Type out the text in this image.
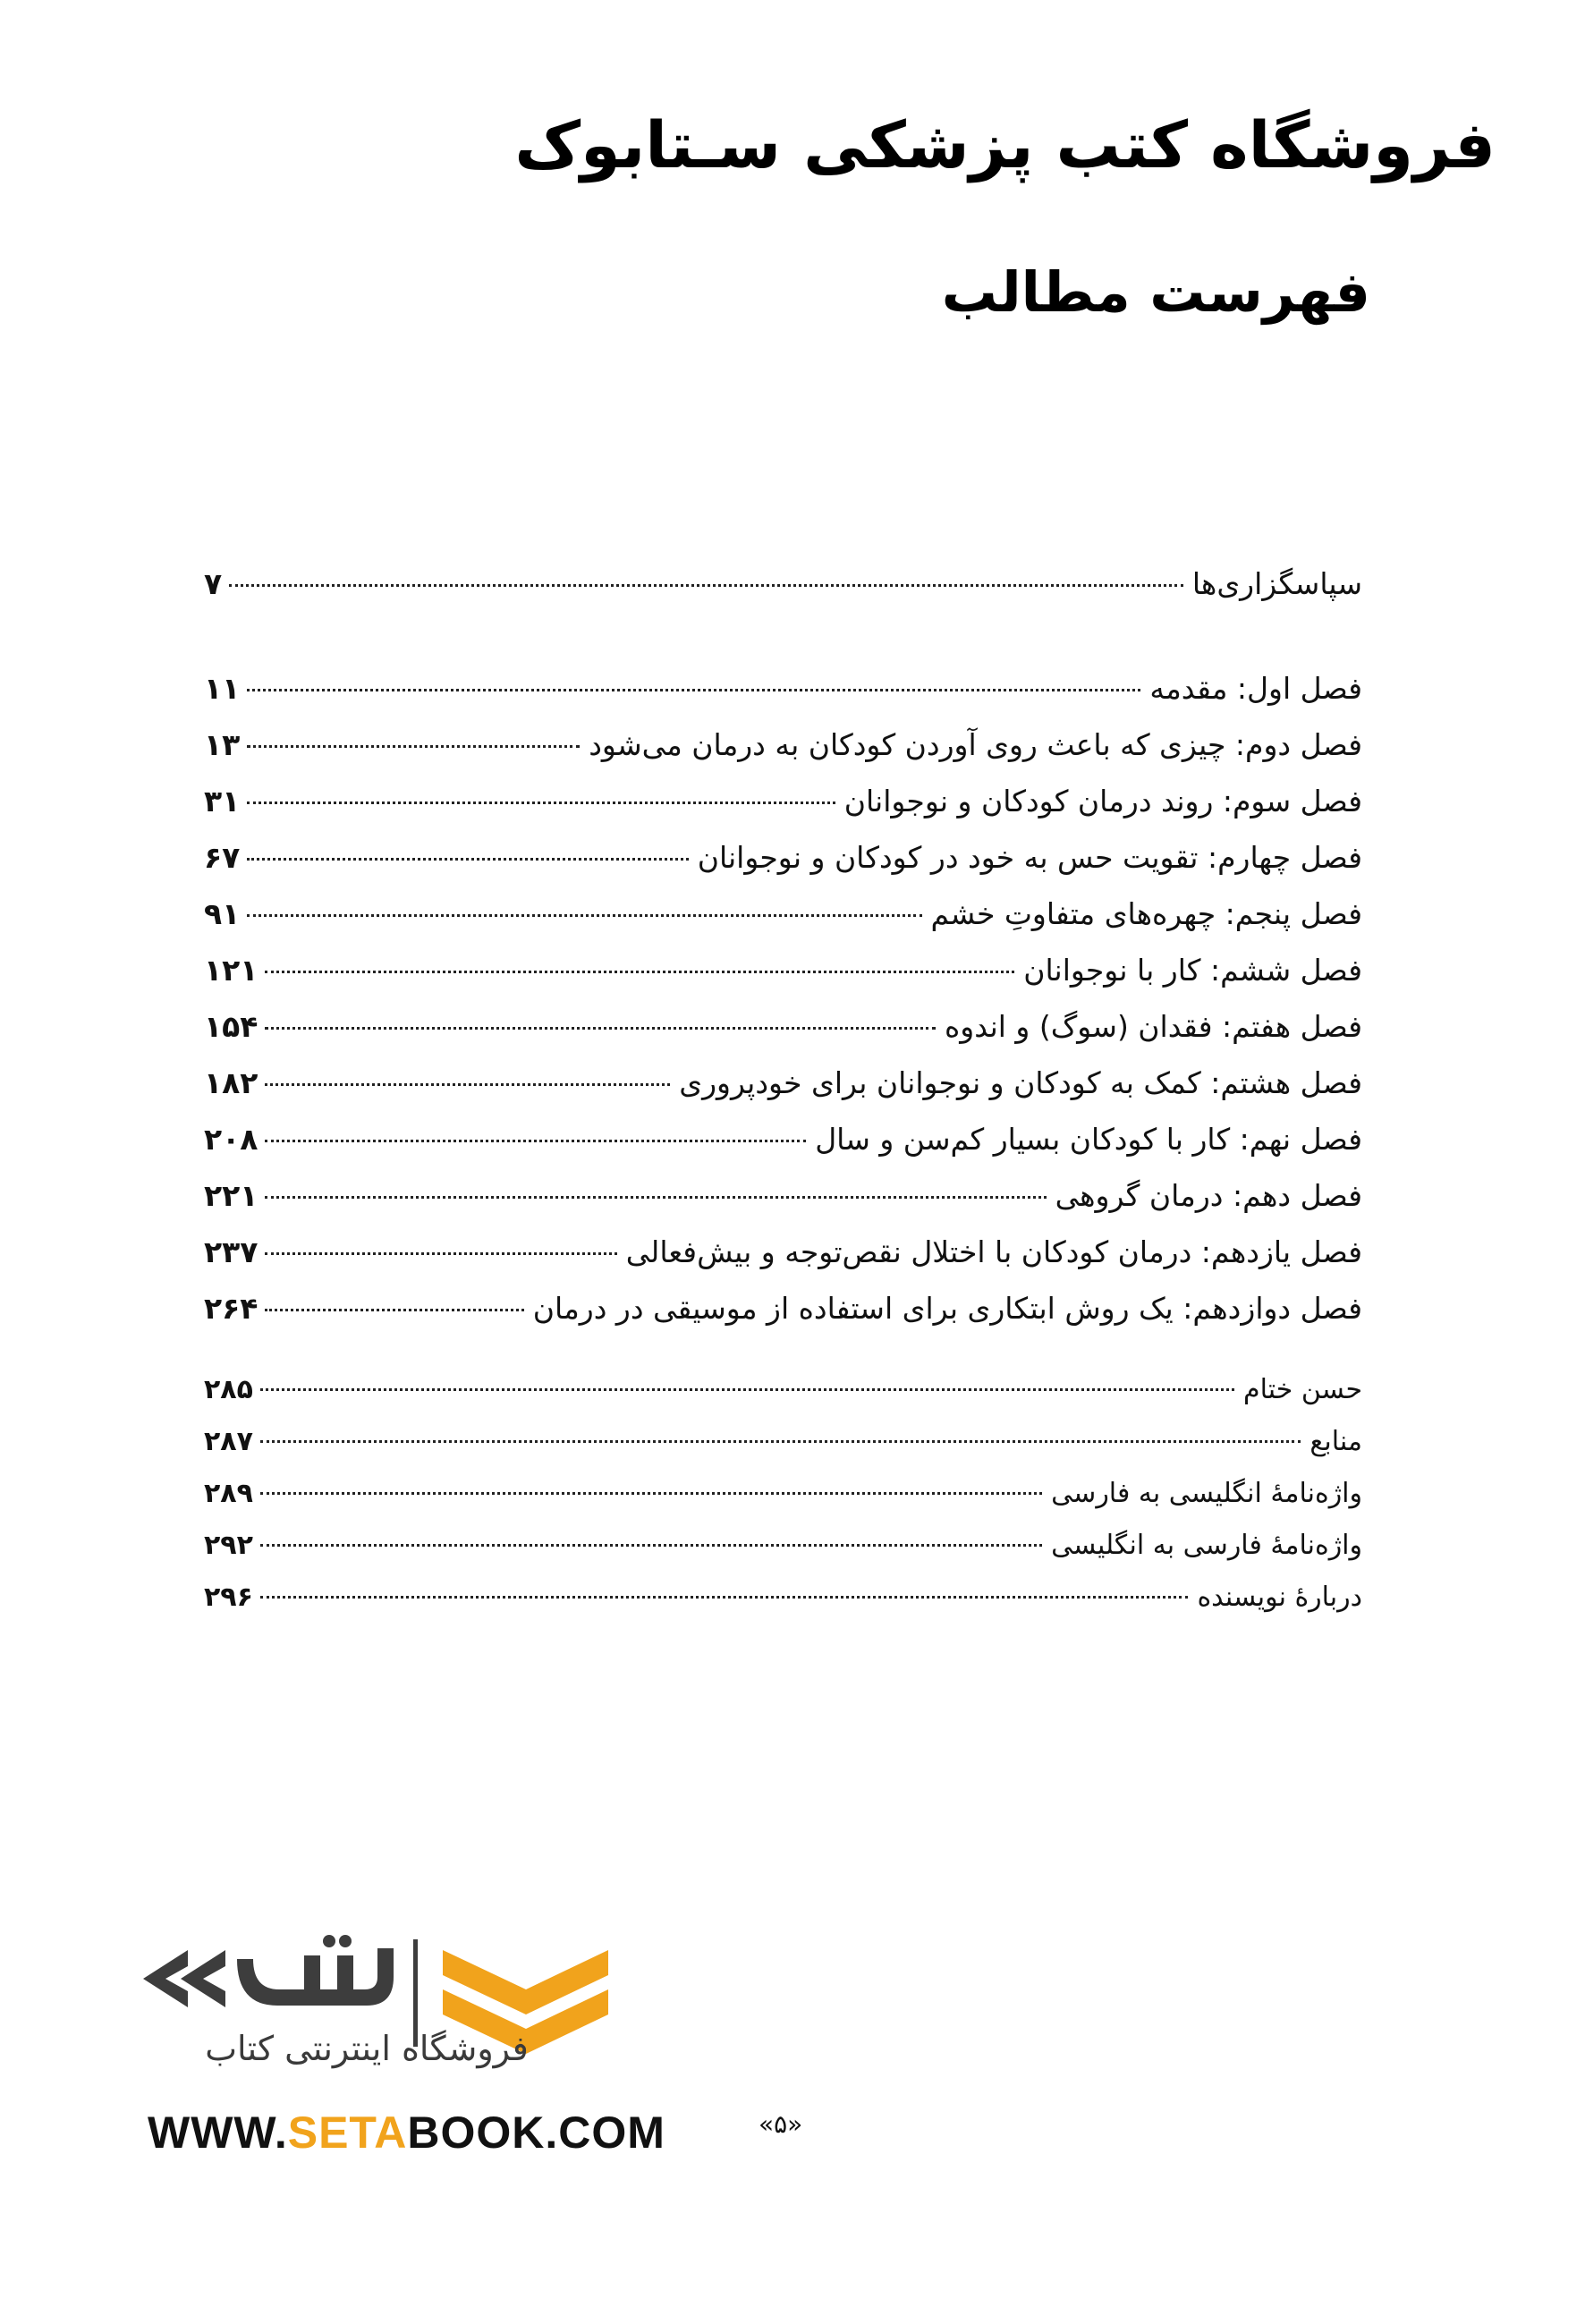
فروشگاه کتب پزشکی سـتابوک
فهرست مطالب
سپاسگزاری‌ها
۷
فصل اول: مقدمه
۱۱
فصل دوم: چیزی که باعث روی آوردن کودکان به درمان می‌شود
۱۳
فصل سوم: روند درمان کودکان و نوجوانان
۳۱
فصل چهارم: تقویت حس به خود در کودکان و نوجوانان
۶۷
فصل پنجم: چهره‌های متفاوتِ خشم
۹۱
فصل ششم: کار با نوجوانان
۱۲۱
فصل هفتم: فقدان (سوگ) و اندوه
۱۵۴
فصل هشتم: کمک به کودکان و نوجوانان برای خودپروری
۱۸۲
فصل نهم: کار با کودکان بسیار کم‌سن و سال
۲۰۸
فصل دهم: درمان گروهی
۲۲۱
فصل یازدهم: درمان کودکان با اختلال نقص‌توجه و بیش‌فعالی
۲۳۷
فصل دوازدهم: یک روش ابتکاری برای استفاده از موسیقی در درمان
۲۶۴
حسن ختام
۲۸۵
منابع
۲۸۷
واژه‌نامهٔ انگلیسی به فارسی
۲۸۹
واژه‌نامهٔ فارسی به انگلیسی
۲۹۲
دربارهٔ نویسنده
۲۹۶
فروشگاه اینترنتی کتاب
WWW.SETABOOK.COM	«۵»
